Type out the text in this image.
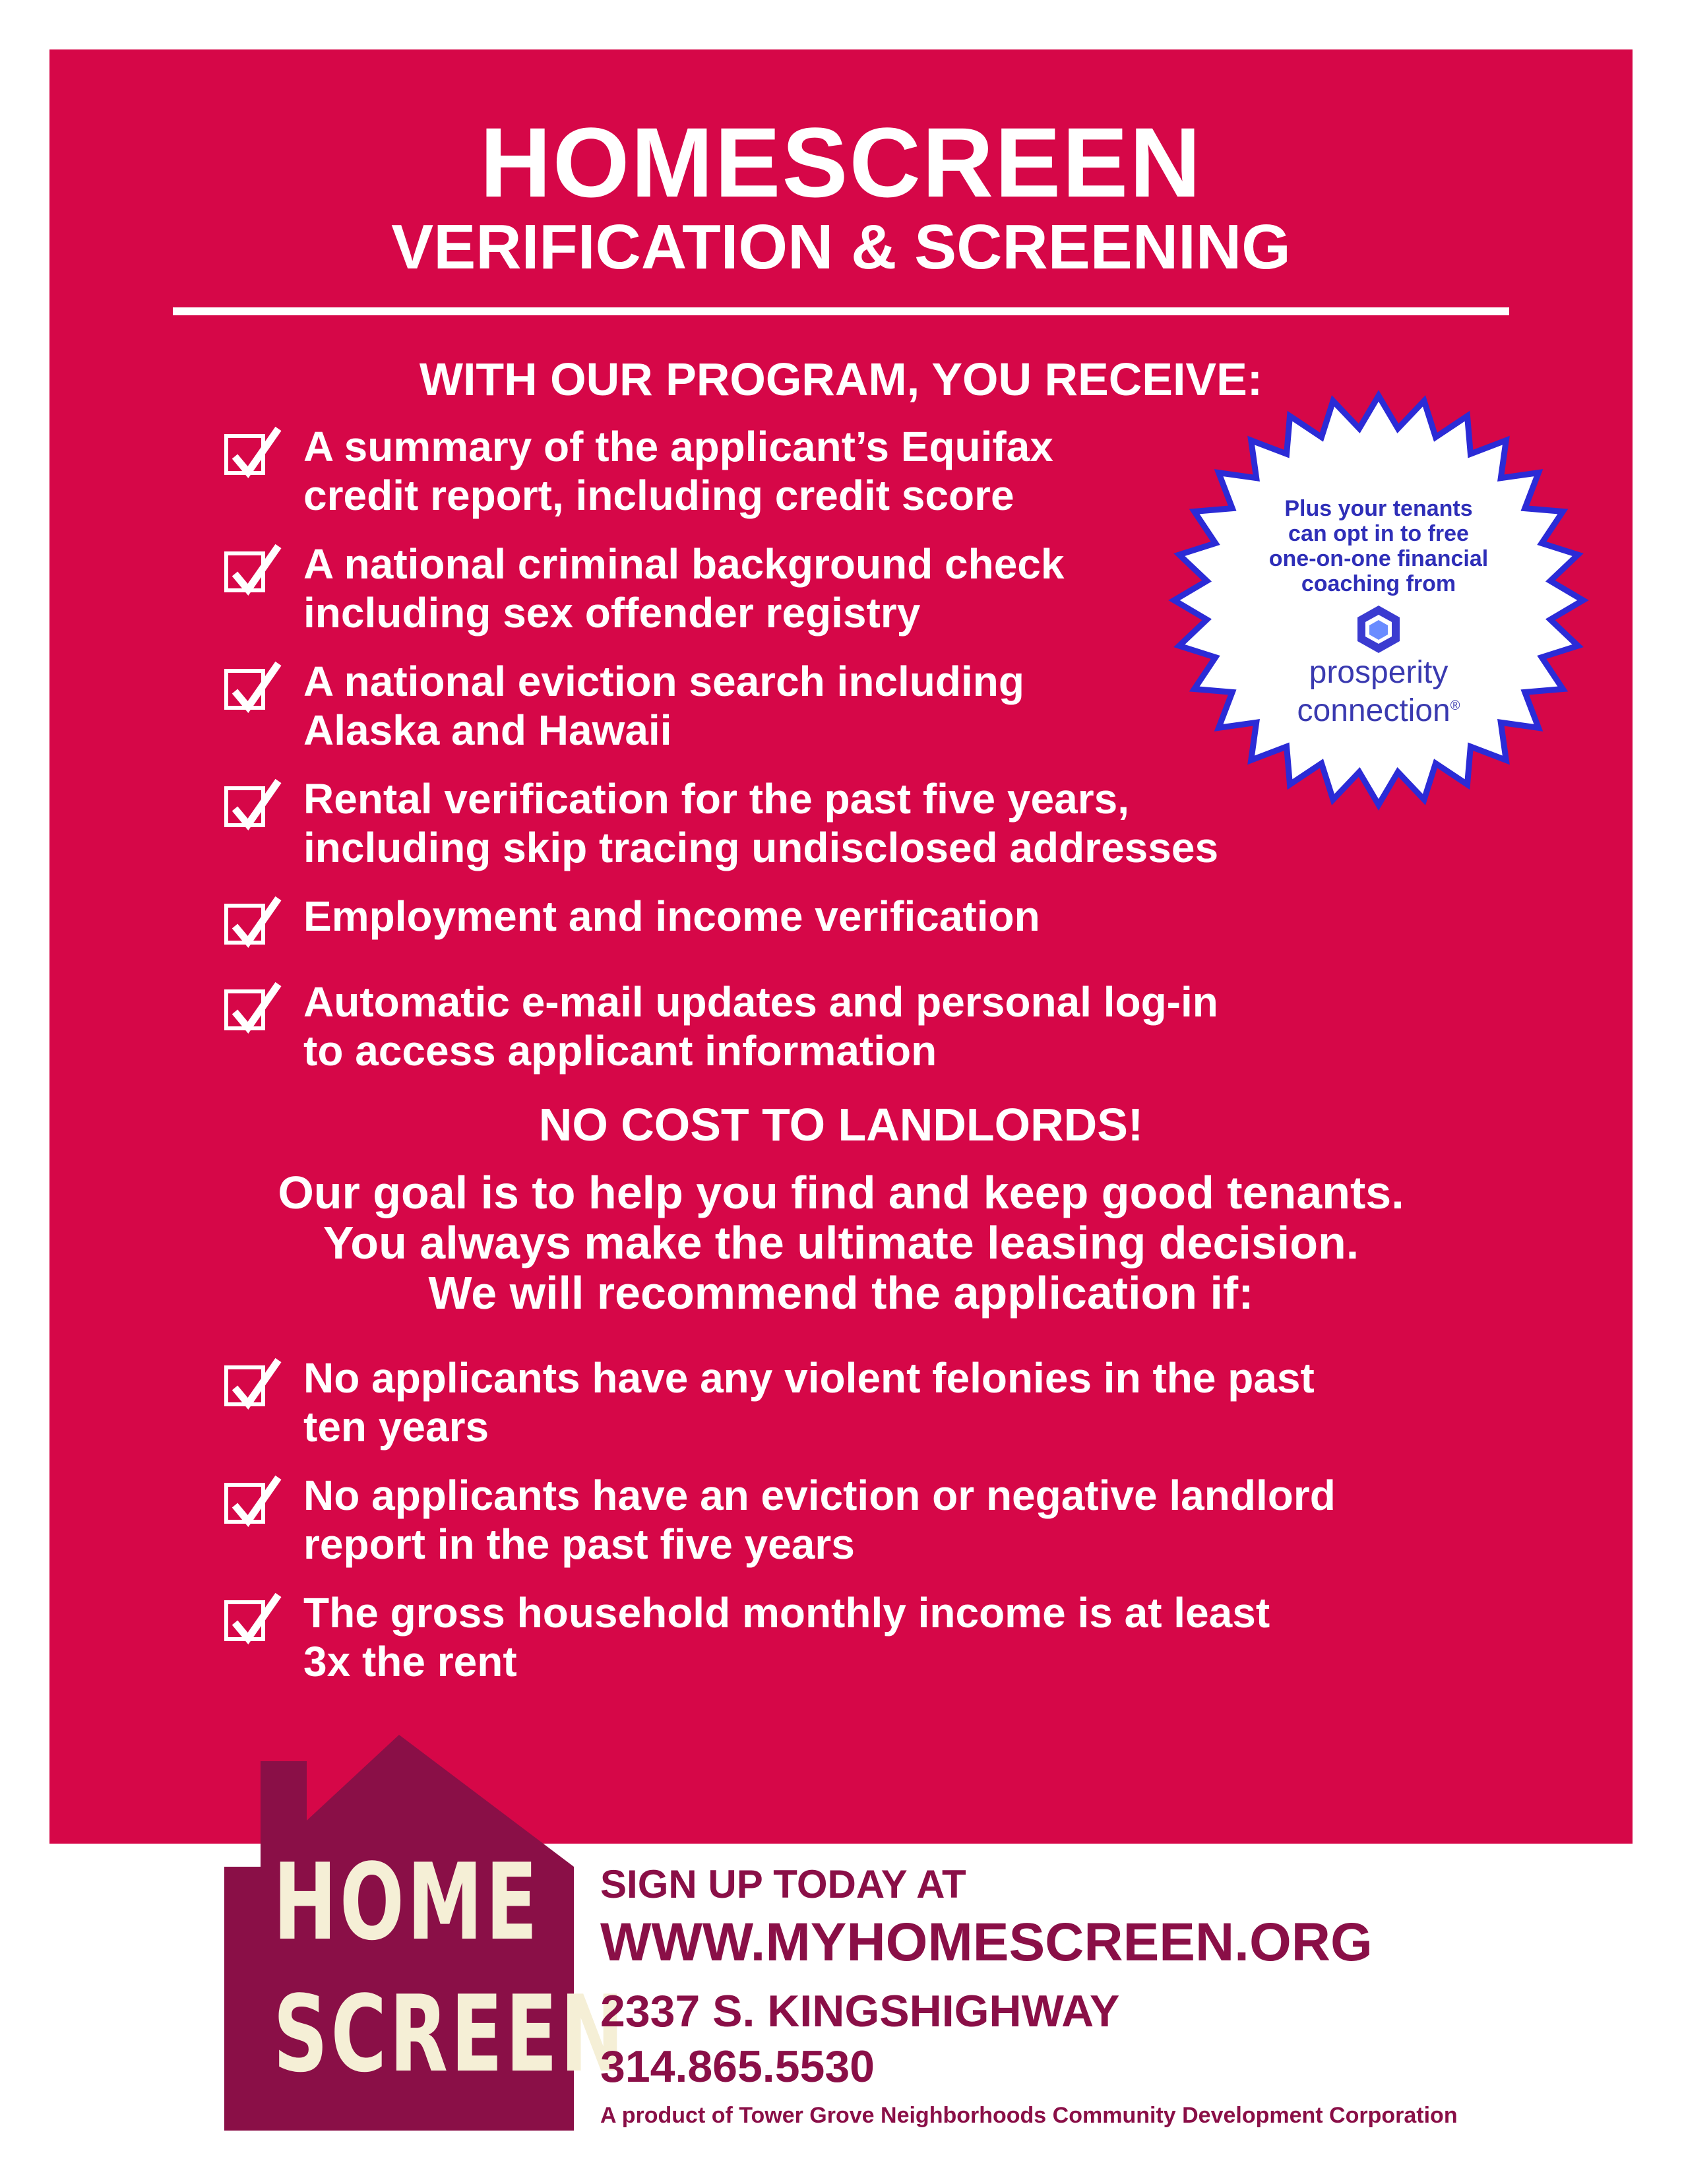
HOMESCREEN
VERIFICATION & SCREENING
WITH OUR PROGRAM, YOU RECEIVE:
A summary of the applicant’s Equifax
credit report, including credit score
A national criminal background check
including sex offender registry
A national eviction search including
Alaska and Hawaii
Rental verification for the past five years,
including skip tracing undisclosed addresses
Employment and income verification
Automatic e-mail updates and personal log-in
to access applicant information
Plus your tenants
can opt in to free
one-on-one financial
coaching from
prosperity
connection®
NO COST TO LANDLORDS!
Our goal is to help you find and keep good tenants.
You always make the ultimate leasing decision.
We will recommend the application if:
No applicants have any violent felonies in the past
ten years
No applicants have an eviction or negative landlord
report in the past five years
The gross household monthly income is at least
3x the rent
HOME
SCREEN
SIGN UP TODAY AT
WWW.MYHOMESCREEN.ORG
2337 S. KINGSHIGHWAY
314.865.5530
A product of Tower Grove Neighborhoods Community Development Corporation
